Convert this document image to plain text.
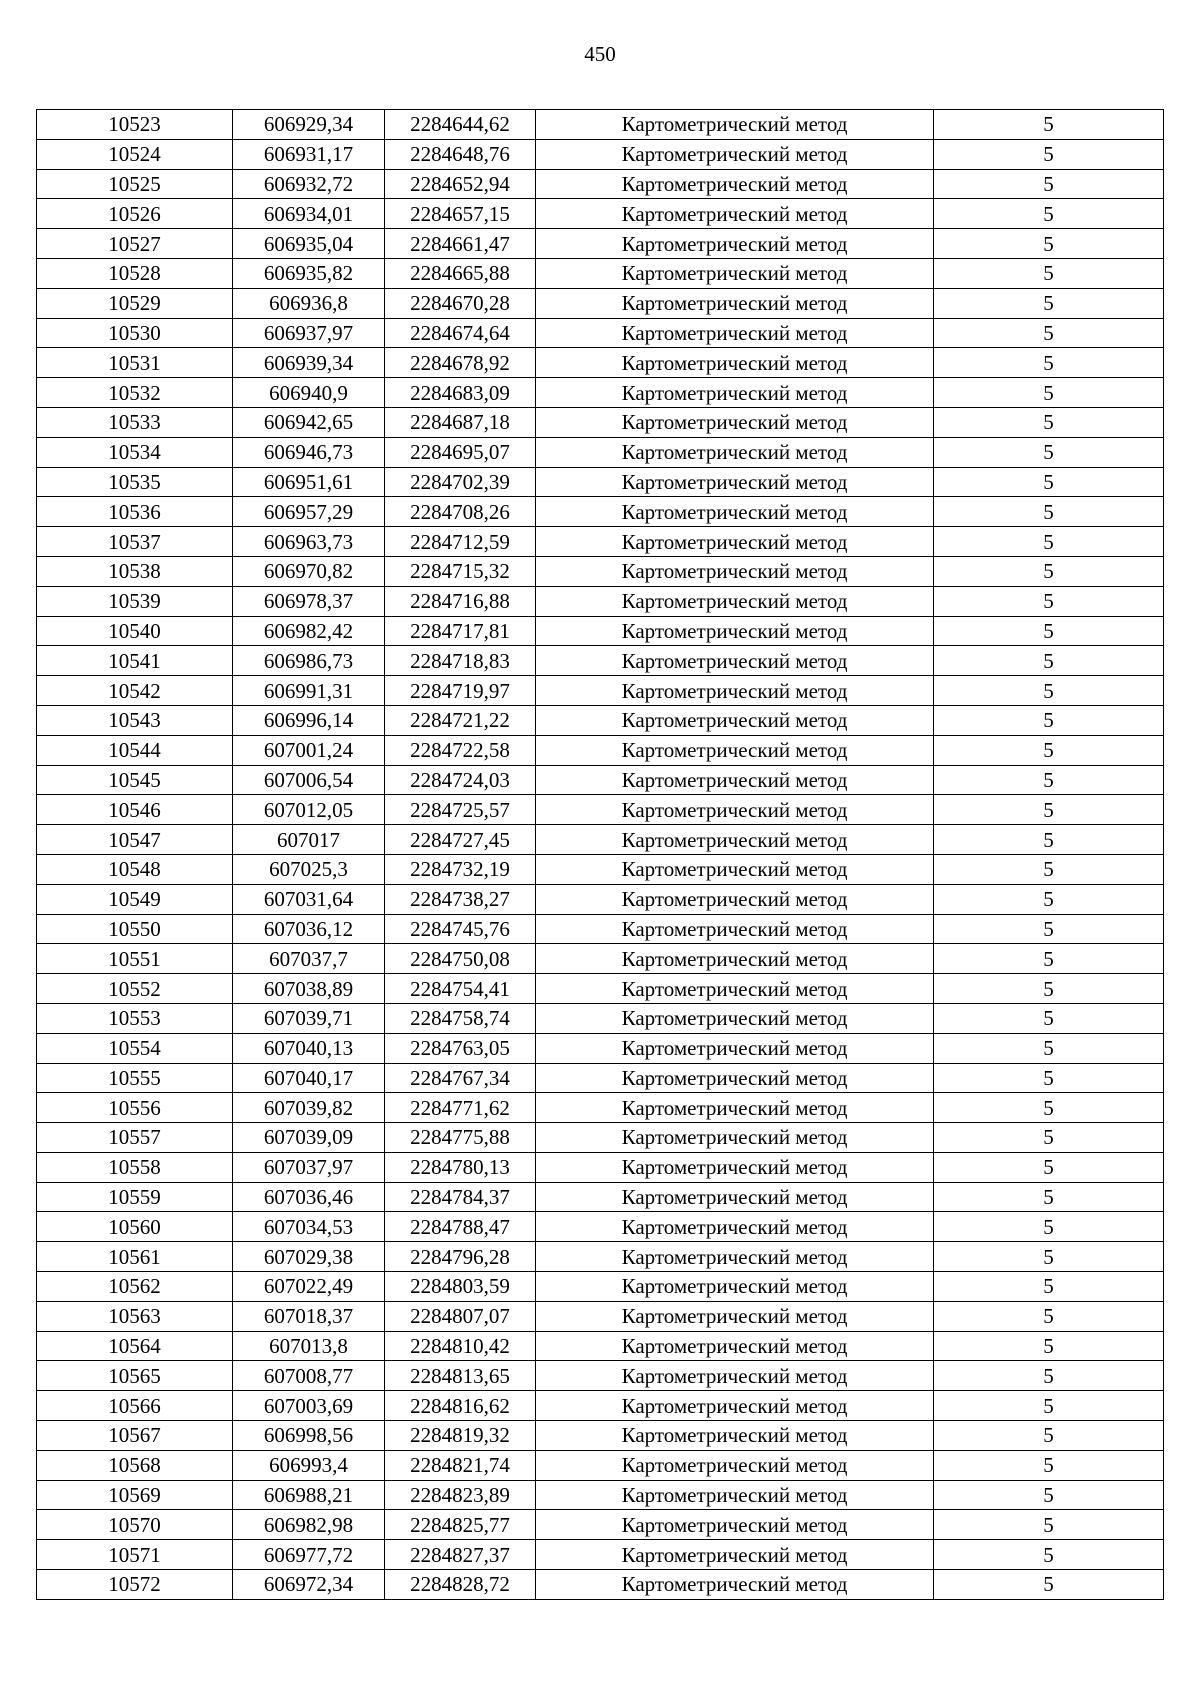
450
10523	606929,34	2284644,62	Картометрический метод	5
10524	606931,17	2284648,76	Картометрический метод	5
10525	606932,72	2284652,94	Картометрический метод	5
10526	606934,01	2284657,15	Картометрический метод	5
10527	606935,04	2284661,47	Картометрический метод	5
10528	606935,82	2284665,88	Картометрический метод	5
10529	606936,8	2284670,28	Картометрический метод	5
10530	606937,97	2284674,64	Картометрический метод	5
10531	606939,34	2284678,92	Картометрический метод	5
10532	606940,9	2284683,09	Картометрический метод	5
10533	606942,65	2284687,18	Картометрический метод	5
10534	606946,73	2284695,07	Картометрический метод	5
10535	606951,61	2284702,39	Картометрический метод	5
10536	606957,29	2284708,26	Картометрический метод	5
10537	606963,73	2284712,59	Картометрический метод	5
10538	606970,82	2284715,32	Картометрический метод	5
10539	606978,37	2284716,88	Картометрический метод	5
10540	606982,42	2284717,81	Картометрический метод	5
10541	606986,73	2284718,83	Картометрический метод	5
10542	606991,31	2284719,97	Картометрический метод	5
10543	606996,14	2284721,22	Картометрический метод	5
10544	607001,24	2284722,58	Картометрический метод	5
10545	607006,54	2284724,03	Картометрический метод	5
10546	607012,05	2284725,57	Картометрический метод	5
10547	607017	2284727,45	Картометрический метод	5
10548	607025,3	2284732,19	Картометрический метод	5
10549	607031,64	2284738,27	Картометрический метод	5
10550	607036,12	2284745,76	Картометрический метод	5
10551	607037,7	2284750,08	Картометрический метод	5
10552	607038,89	2284754,41	Картометрический метод	5
10553	607039,71	2284758,74	Картометрический метод	5
10554	607040,13	2284763,05	Картометрический метод	5
10555	607040,17	2284767,34	Картометрический метод	5
10556	607039,82	2284771,62	Картометрический метод	5
10557	607039,09	2284775,88	Картометрический метод	5
10558	607037,97	2284780,13	Картометрический метод	5
10559	607036,46	2284784,37	Картометрический метод	5
10560	607034,53	2284788,47	Картометрический метод	5
10561	607029,38	2284796,28	Картометрический метод	5
10562	607022,49	2284803,59	Картометрический метод	5
10563	607018,37	2284807,07	Картометрический метод	5
10564	607013,8	2284810,42	Картометрический метод	5
10565	607008,77	2284813,65	Картометрический метод	5
10566	607003,69	2284816,62	Картометрический метод	5
10567	606998,56	2284819,32	Картометрический метод	5
10568	606993,4	2284821,74	Картометрический метод	5
10569	606988,21	2284823,89	Картометрический метод	5
10570	606982,98	2284825,77	Картометрический метод	5
10571	606977,72	2284827,37	Картометрический метод	5
10572	606972,34	2284828,72	Картометрический метод	5
